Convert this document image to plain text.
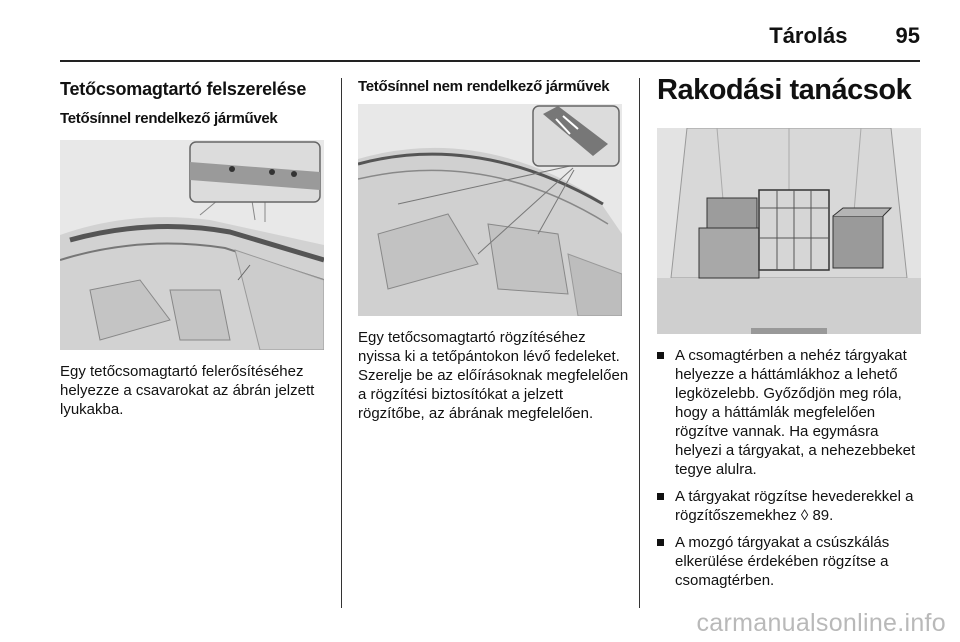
Tárolás 95
Tetőcsomagtartó felszerelése
Tetősínnel rendelkező járművek

Egy tetőcsomagtartó felerősítéséhez helyezze a csavarokat az ábrán jelzett lyukakba.

Tetősínnel nem rendelkező járművek

Egy tetőcsomagtartó rögzítéséhez nyissa ki a tetőpántokon lévő fedeleket. Szerelje be az előírásoknak megfelelően a rögzítési biztosítókat a jelzett rögzítőbe, az ábrának megfelelően.

Rakodási tanácsok
A csomagtérben a nehéz tárgyakat helyezze a háttámlákhoz a lehető legközelebb. Győződjön meg róla, hogy a háttámlák megfelelően rögzítve vannak. Ha egymásra helyezi a tárgyakat, a nehezebbeket tegye alulra.
A tárgyakat rögzítse hevederekkel a rögzítőszemekhez ◊ 89.
A mozgó tárgyakat a csúszkálás elkerülése érdekében rögzítse a csomagtérben.
carmanualsonline.info
